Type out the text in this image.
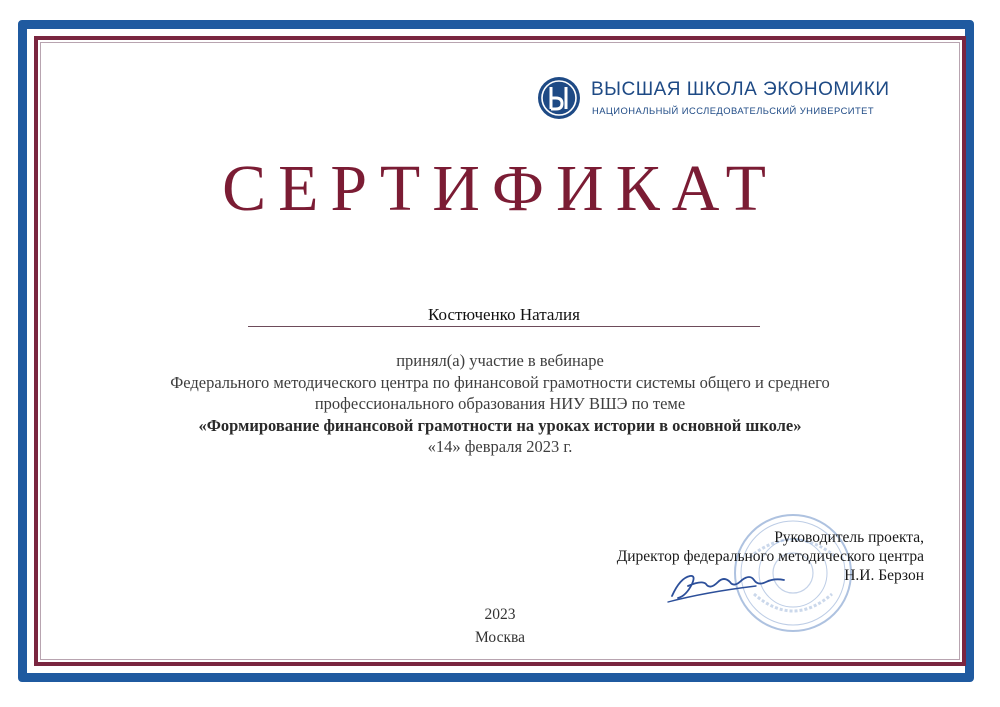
ВЫСШАЯ ШКОЛА ЭКОНОМИКИ
НАЦИОНАЛЬНЫЙ ИССЛЕДОВАТЕЛЬСКИЙ УНИВЕРСИТЕТ
СЕРТИФИКАТ
Костюченко Наталия
принял(а) участие в вебинаре
Федерального методического центра по финансовой грамотности системы общего и среднего
профессионального образования НИУ ВШЭ по теме
«Формирование финансовой грамотности на уроках истории в основной школе»
«14» февраля 2023 г.
Руководитель проекта,
Директор федерального методического центра
Н.И. Берзон
2023
Москва
